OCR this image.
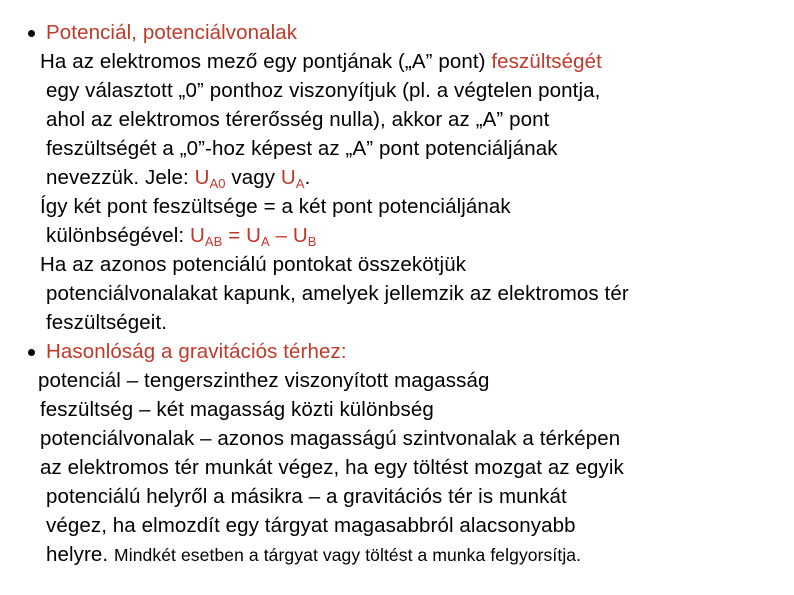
Potenciál, potenciálvonalak
Ha az elektromos mező egy pontjának („A” pont) feszültségét
egy választott „0” ponthoz viszonyítjuk (pl. a végtelen pontja,
ahol az elektromos térerősség nulla), akkor az „A” pont
feszültségét a „0”-hoz képest az „A” pont potenciáljának
nevezzük. Jele: $U_{A0}$ vagy $U_A$.
Így két pont feszültsége = a két pont potenciáljának
különbségével: $U_{AB} = U_A - U_B$
Ha az azonos potenciálú pontokat összekötjük
potenciálvonalakat kapunk, amelyek jellemzik az elektromos tér
feszültségeit.
Hasonlóság a gravitációs térhez:
potenciál – tengerszinthez viszonyított magasság
feszültség – két magasság közti különbség
potenciálvonalak – azonos magasságú szintvonalak a térképen
az elektromos tér munkát végez, ha egy töltést mozgat az egyik
potenciálú helyről a másikra – a gravitációs tér is munkát
végez, ha elmozdít egy tárgyat magasabbról alacsonyabb
helyre. Mindkét esetben a tárgyat vagy töltést a munka felgyorsítja.
